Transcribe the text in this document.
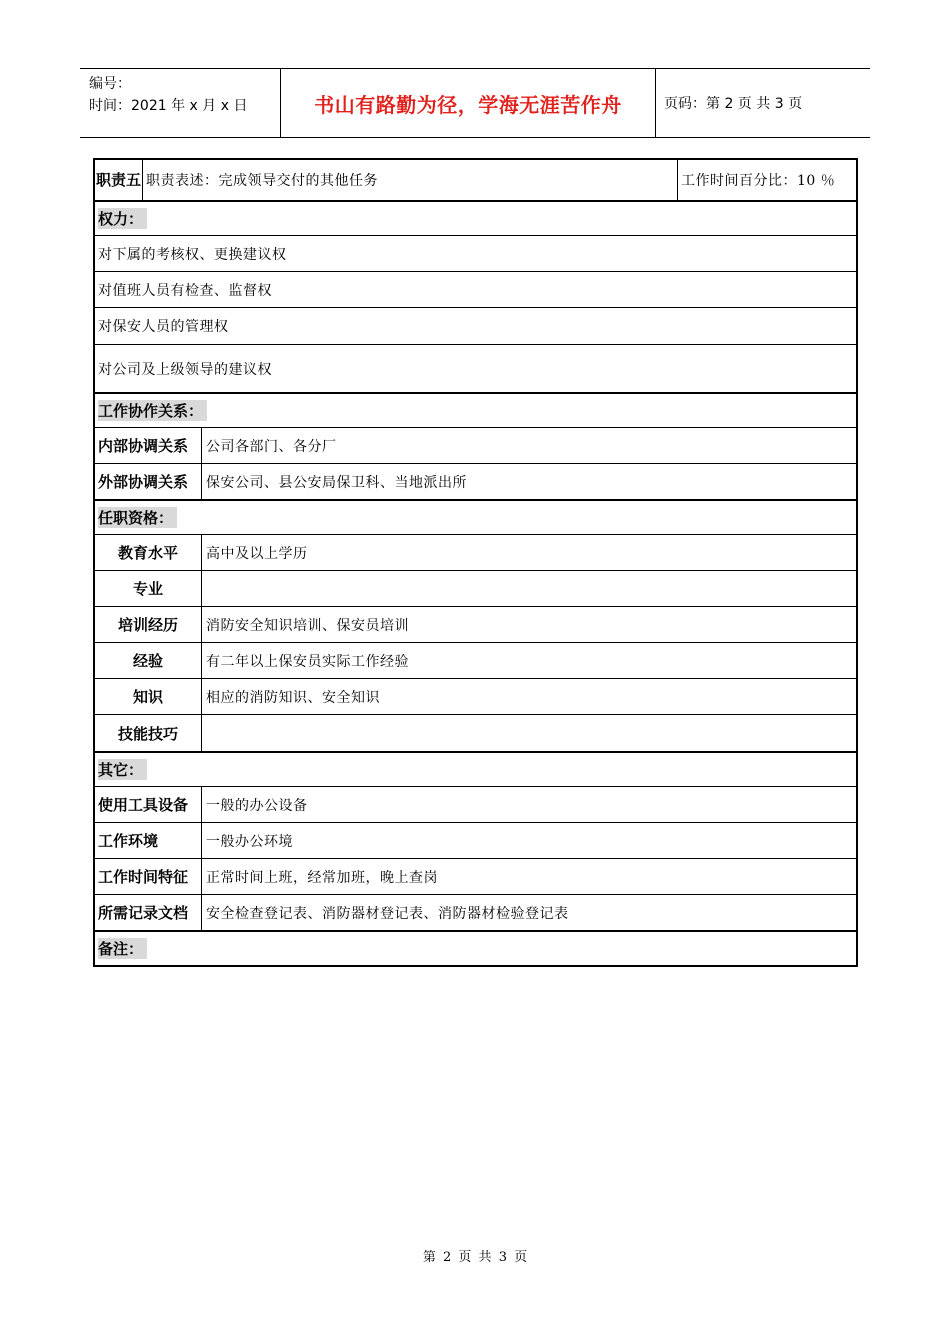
编号：
时间：2021 年 x 月 x 日	书山有路勤为径，学海无涯苦作舟	页码：第 2 页 共 3 页
职责五 职责表述：完成领导交付的其他任务	工作时间百分比：10 ％
权力：
对下属的考核权、更换建议权
对值班人员有检查、监督权
对保安人员的管理权
对公司及上级领导的建议权
工作协作关系：
内部协调关系	公司各部门、各分厂
外部协调关系	保安公司、县公安局保卫科、当地派出所
任职资格：
教育水平	高中及以上学历
专业
培训经历	消防安全知识培训、保安员培训
经验	有二年以上保安员实际工作经验
知识	相应的消防知识、安全知识
技能技巧
其它：
使用工具设备	一般的办公设备
工作环境	一般办公环境
工作时间特征	正常时间上班，经常加班，晚上查岗
所需记录文档	安全检查登记表、消防器材登记表、消防器材检验登记表
备注：
第 2 页 共 3 页
